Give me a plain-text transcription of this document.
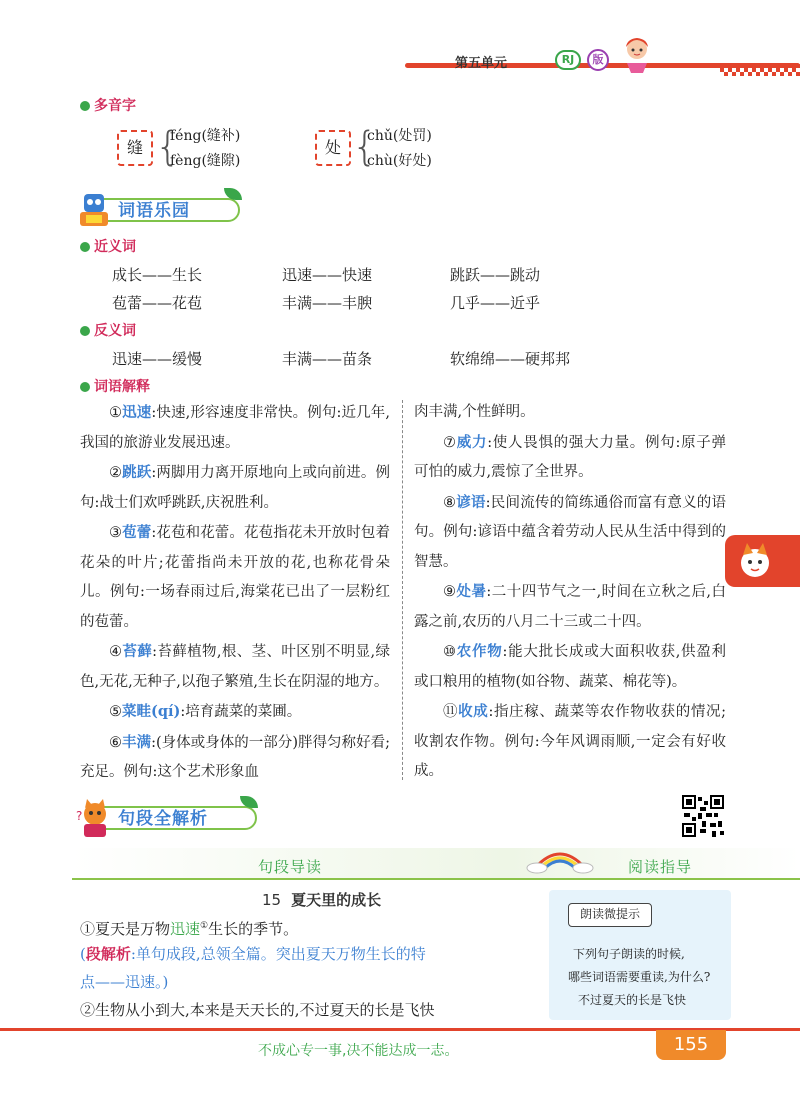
第五单元	RJ	版
多音字
缝 {
féng(缝补)
fèng(缝隙)
处 {
chǔ(处罚)
chù(好处)
词语乐园
近义词
成长——生长	迅速——快速	跳跃——跳动
苞蕾——花苞	丰满——丰腴	几乎——近乎
反义词
迅速——缓慢	丰满——苗条	软绵绵——硬邦邦
词语解释

①迅速:快速,形容速度非常快。例句:近几年,我国的旅游业发展迅速。

②跳跃:两脚用力离开原地向上或向前进。例句:战士们欢呼跳跃,庆祝胜利。

③苞蕾:花苞和花蕾。花苞指花未开放时包着花朵的叶片;花蕾指尚未开放的花,也称花骨朵儿。例句:一场春雨过后,海棠花已出了一层粉红的苞蕾。

④苔藓:苔藓植物,根、茎、叶区别不明显,绿色,无花,无种子,以孢子繁殖,生长在阴湿的地方。

⑤菜畦(qí):培育蔬菜的菜圃。

⑥丰满:(身体或身体的一部分)胖得匀称好看;充足。例句:这个艺术形象血

肉丰满,个性鲜明。

⑦威力:使人畏惧的强大力量。例句:原子弹可怕的威力,震惊了全世界。

⑧谚语:民间流传的简练通俗而富有意义的语句。例句:谚语中蕴含着劳动人民从生活中得到的智慧。

⑨处暑:二十四节气之一,时间在立秋之后,白露之前,农历的八月二十三或二十四。

⑩农作物:能大批长成或大面积收获,供盈利或口粮用的植物(如谷物、蔬菜、棉花等)。

⑪收成:指庄稼、蔬菜等农作物收获的情况;收割农作物。例句:今年风调雨顺,一定会有好收成。

? 句段全解析
句段导读	阅读指导
15 夏天里的成长
①夏天是万物迅速①生长的季节。
(段解析:单句成段,总领全篇。突出夏天万物生长的特
点——迅速。)
②生物从小到大,本来是天天长的,不过夏天的长是飞快
朗读微提示
下列句子朗读的时候,
哪些词语需要重读,为什么?
不过夏天的长是飞快
不成心专一事,决不能达成一志。	155
